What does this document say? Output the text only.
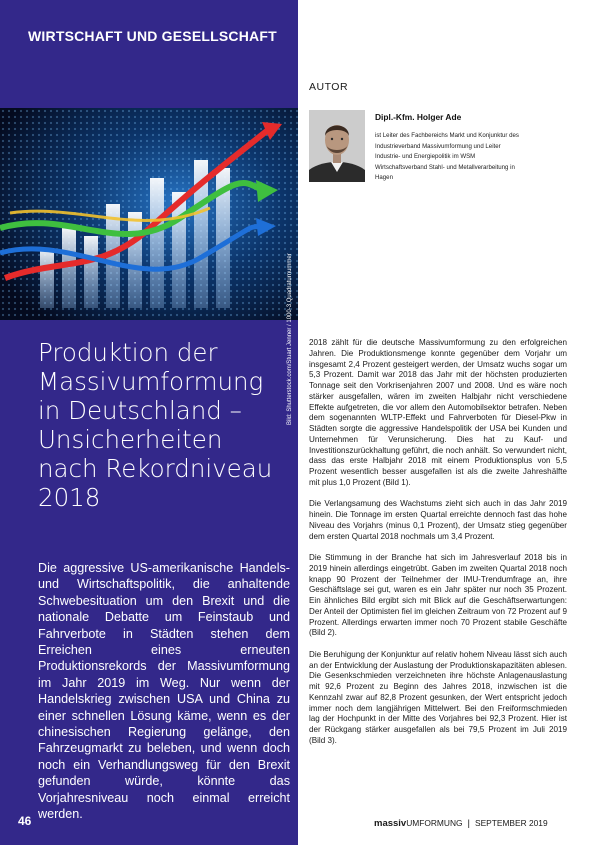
WIRTSCHAFT UND GESELLSCHAFT
Bild: Shutterstock.com/Stuart Jenner / 1000-3 Quadraturnummer
Produktion der Massivumformung in Deutschland – Unsicherheiten nach Rekordniveau 2018

Die aggressive US-amerikanische Handels- und Wirtschaftspolitik, die anhaltende Schwebesituation um den Brexit und die nationale Debatte um Feinstaub und Fahrverbote in Städten stehen dem Erreichen eines erneuten Produktionsrekords der Massivumformung im Jahr 2019 im Weg. Nur wenn der Handelskrieg zwischen USA und China zu einer schnellen Lösung käme, wenn es der chinesischen Regierung gelänge, den Fahrzeugmarkt zu beleben, und wenn doch noch ein Verhandlungsweg für den Brexit gefunden würde, könnte das Vorjahresniveau noch einmal erreicht werden.

46
AUTOR
Dipl.-Kfm. Holger Ade

ist Leiter des Fachbereichs Markt und Konjunktur des Industrieverband Massivumformung und Leiter Industrie- und Energiepolitik im WSM Wirtschaftsverband Stahl- und Metallverarbeitung in Hagen

2018 zählt für die deutsche Massivumformung zu den erfolgreichen Jahren. Die Produktionsmenge konnte gegenüber dem Vorjahr um insgesamt 2,4 Prozent gesteigert werden, der Umsatz wuchs sogar um 5,3 Prozent. Damit war 2018 das Jahr mit der höchsten produzierten Tonnage seit den Vorkrisenjahren 2007 und 2008. Und es wäre noch stärker ausgefallen, wären im zweiten Halbjahr nicht verschiedene Effekte aufgetreten, die vor allem den Automobilsektor betrafen. Neben dem sogenannten WLTP-Effekt und Fahrverboten für Diesel-Pkw in Städten sorgte die aggressive Handelspolitik der USA bei Kunden und Unternehmen für Verunsicherung. Dies hat zu Kauf- und Investitionszurückhaltung geführt, die noch anhält. So verwundert nicht, dass das erste Halbjahr 2018 mit einem Produktionsplus von 5,5 Prozent wesentlich besser ausgefallen ist als die zweite Jahreshälfte mit plus 1,0 Prozent (Bild 1).

Die Verlangsamung des Wachstums zieht sich auch in das Jahr 2019 hinein. Die Tonnage im ersten Quartal erreichte dennoch fast das hohe Niveau des Vorjahrs (minus 0,1 Prozent), der Umsatz stieg gegenüber dem ersten Quartal 2018 nochmals um 3,4 Prozent.

Die Stimmung in der Branche hat sich im Jahresverlauf 2018 bis in 2019 hinein allerdings eingetrübt. Gaben im zweiten Quartal 2018 noch knapp 90 Prozent der Teilnehmer der IMU-Trendumfrage an, ihre Geschäftslage sei gut, waren es ein Jahr später nur noch 35 Prozent. Ein ähnliches Bild ergibt sich mit Blick auf die Geschäftserwartungen: Der Anteil der Optimisten fiel im gleichen Zeitraum von 72 Prozent auf 9 Prozent. Allerdings erwarten immer noch 70 Prozent stabile Geschäfte (Bild 2).

Die Beruhigung der Konjunktur auf relativ hohem Niveau lässt sich auch an der Entwicklung der Auslastung der Produktionskapazitäten ablesen. Die Gesenkschmieden verzeichneten ihre höchste Anlagenauslastung mit 92,6 Prozent zu Beginn des Jahres 2018, inzwischen ist die Kennzahl zwar auf 82,8 Prozent gesunken, der Wert entspricht jedoch immer noch dem langjährigen Mittelwert. Bei den Freiformschmieden lag der Hochpunkt in der Mitte des Vorjahres bei 92,3 Prozent. Hier ist der Rückgang stärker ausgefallen als bei 79,5 Prozent im Juli 2019 (Bild 3).

massivUMFORMUNG | SEPTEMBER 2019
